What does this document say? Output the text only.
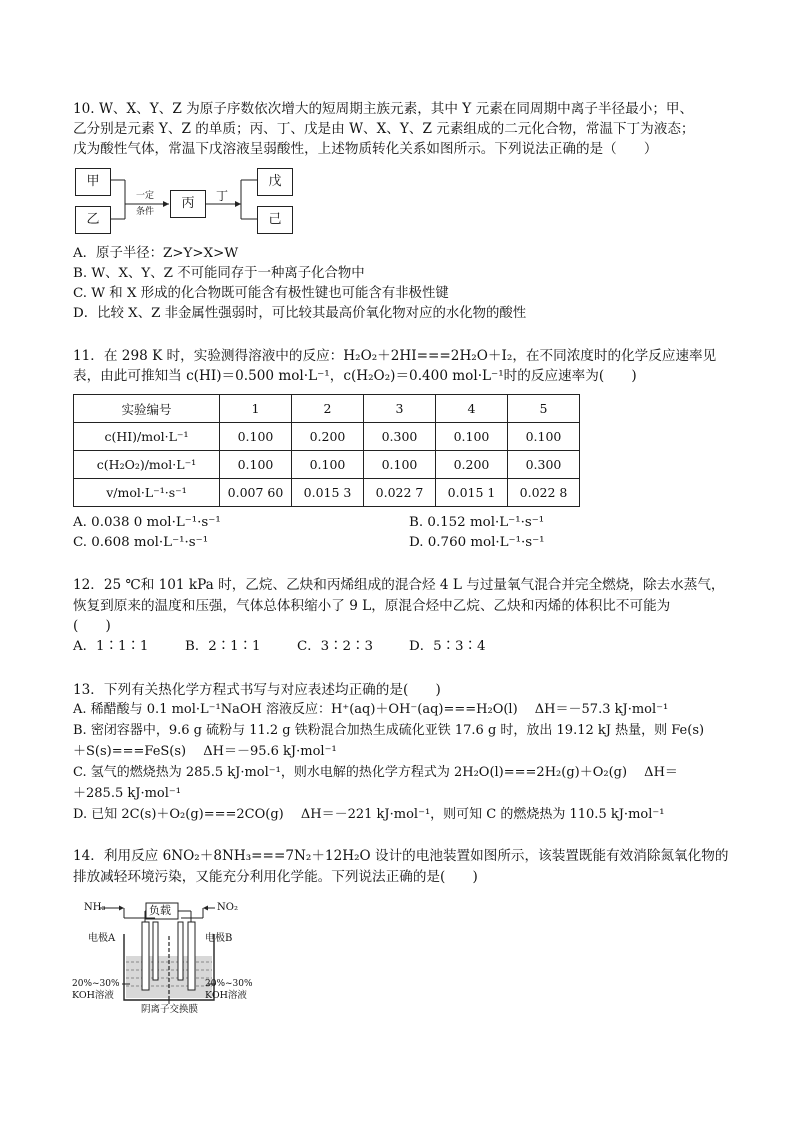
10. W、X、Y、Z 为原子序数依次增大的短周期主族元素，其中 Y 元素在同周期中离子半径最小；甲、
乙分别是元素 Y、Z 的单质；丙、丁、戊是由 W、X、Y、Z 元素组成的二元化合物，常温下丁为液态；
戊为酸性气体，常温下戊溶液呈弱酸性，上述物质转化关系如图所示。下列说法正确的是（　　）
甲
乙
丙
戊
己
一定
条件
丁
A．原子半径：Z>Y>X>W
B. W、X、Y、Z 不可能同存于一种离子化合物中
C. W 和 X 形成的化合物既可能含有极性键也可能含有非极性键
D．比较 X、Z 非金属性强弱时，可比较其最高价氧化物对应的水化物的酸性
11．在 298 K 时，实验测得溶液中的反应：H₂O₂＋2HI===2H₂O＋I₂，在不同浓度时的化学反应速率见
表，由此可推知当 c(HI)＝0.500 mol·L⁻¹，c(H₂O₂)＝0.400 mol·L⁻¹时的反应速率为(　　)
实验编号	1	2	3	4	5
c(HI)/mol·L⁻¹	0.100	0.200	0.300	0.100	0.100
c(H₂O₂)/mol·L⁻¹	0.100	0.100	0.100	0.200	0.300
v/mol·L⁻¹·s⁻¹	0.007 60	0.015 3	0.022 7	0.015 1	0.022 8
A. 0.038 0 mol·L⁻¹·s⁻¹	B. 0.152 mol·L⁻¹·s⁻¹
C. 0.608 mol·L⁻¹·s⁻¹	D. 0.760 mol·L⁻¹·s⁻¹
12．25 ℃和 101 kPa 时，乙烷、乙炔和丙烯组成的混合烃 4 L 与过量氧气混合并完全燃烧，除去水蒸气，
恢复到原来的温度和压强，气体总体积缩小了 9 L，原混合烃中乙烷、乙炔和丙烯的体积比不可能为
(　　)
A．1∶1∶1	B．2∶1∶1	C．3∶2∶3	D．5∶3∶4
13．下列有关热化学方程式书写与对应表述均正确的是(　　)
A. 稀醋酸与 0.1 mol·L⁻¹NaOH 溶液反应：H⁺(aq)＋OH⁻(aq)===H₂O(l)　 ΔH＝－57.3 kJ·mol⁻¹
B. 密闭容器中，9.6 g 硫粉与 11.2 g 铁粉混合加热生成硫化亚铁 17.6 g 时，放出 19.12 kJ 热量，则 Fe(s)
＋S(s)===FeS(s)　 ΔH＝－95.6 kJ·mol⁻¹
C. 氢气的燃烧热为 285.5 kJ·mol⁻¹，则水电解的热化学方程式为 2H₂O(l)===2H₂(g)＋O₂(g)　 ΔH＝
＋285.5 kJ·mol⁻¹
D. 已知 2C(s)＋O₂(g)===2CO(g)　 ΔH＝－221 kJ·mol⁻¹，则可知 C 的燃烧热为 110.5 kJ·mol⁻¹
14．利用反应 6NO₂＋8NH₃===7N₂＋12H₂O 设计的电池装置如图所示，该装置既能有效消除氮氧化物的
排放减轻环境污染，又能充分利用化学能。下列说法正确的是(　　)
NH₃	NO₂
负载
电极A	电极B
20%~30%
KOH溶液
20%~30%
KOH溶液
阴离子交换膜
